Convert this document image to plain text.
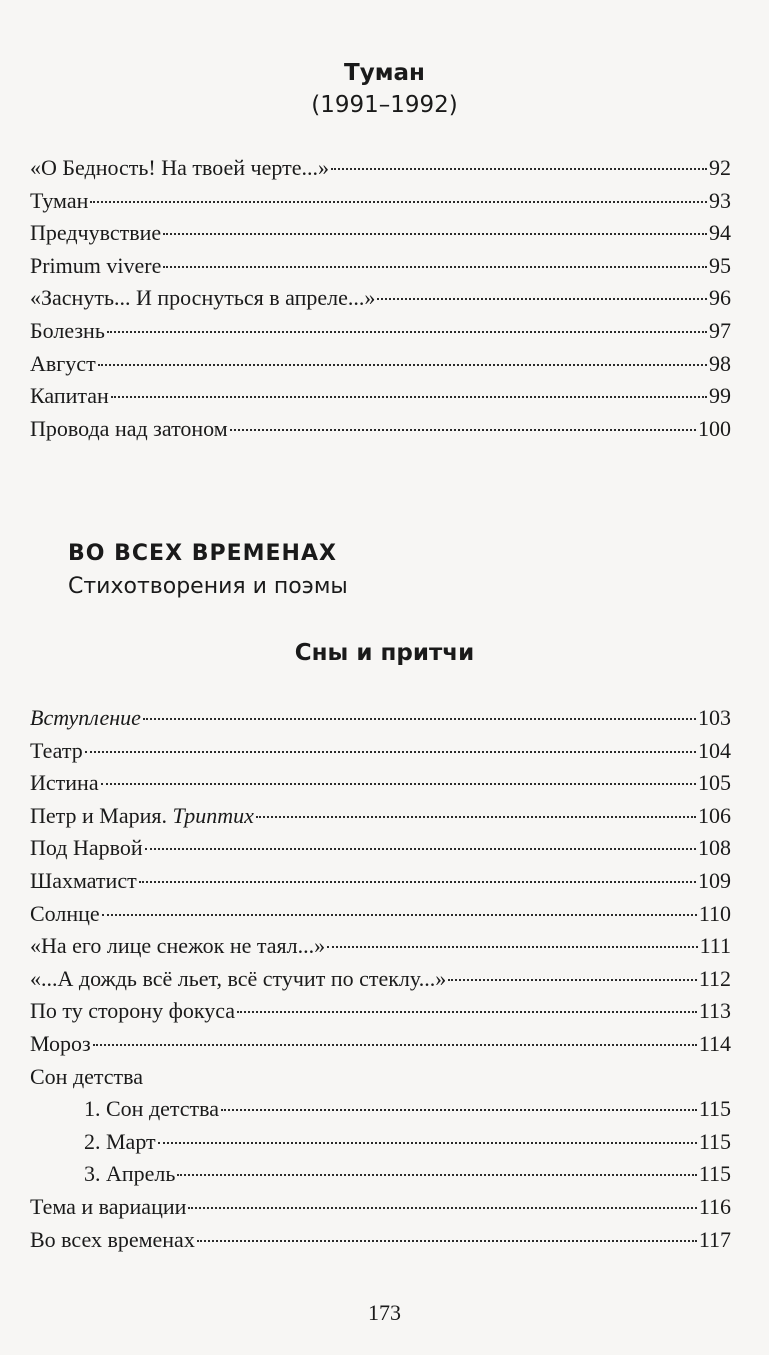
Туман
(1991–1992)
«О Бедность! На твоей черте...»	92
Туман	93
Предчувствие	94
Primum vivere	95
«Заснуть... И проснуться в апреле...»	96
Болезнь	97
Август	98
Капитан	99
Провода над затоном	100
ВО ВСЕХ ВРЕМЕНАХ
Стихотворения и поэмы
Сны и притчи
Вступление	103
Театр	104
Истина	105
Петр и Мария. Триптих	106
Под Нарвой	108
Шахматист	109
Солнце	110
«На его лице снежок не таял...»	111
«...А дождь всё льет, всё стучит по стеклу...»	112
По ту сторону фокуса	113
Мороз	114
Сон детства
1. Сон детства	115
2. Март	115
3. Апрель	115
Тема и вариации	116
Во всех временах	117
173
